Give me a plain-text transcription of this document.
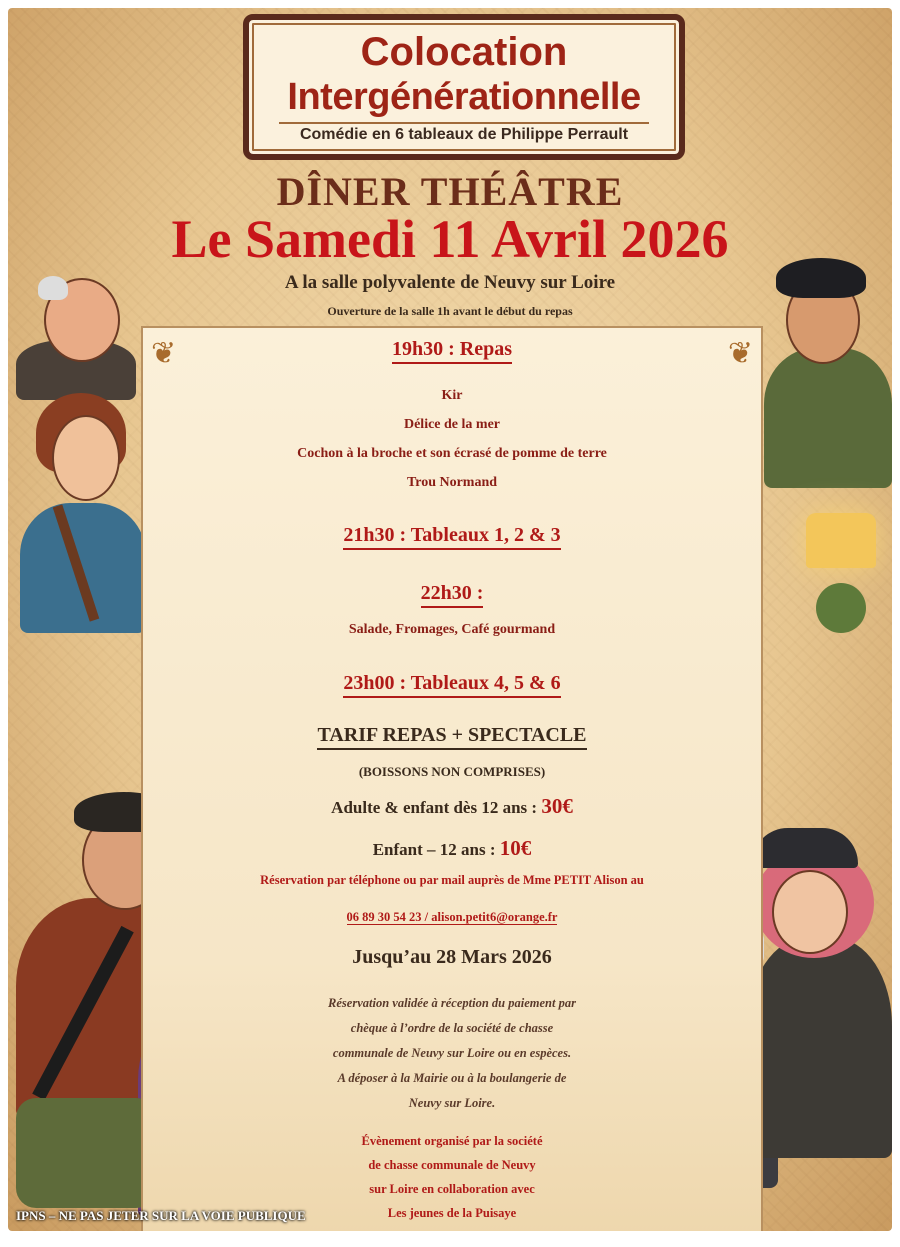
Colocation
Intergénérationnelle
Comédie en 6 tableaux de Philippe Perrault
DÎNER THÉÂTRE
Le Samedi 11 Avril 2026
A la salle polyvalente de Neuvy sur Loire
Ouverture de la salle 1h avant le début du repas
❦	❦
19h30 : Repas
Kir
Délice de la mer
Cochon à la broche et son écrasé de pomme de terre
Trou Normand
21h30 : Tableaux 1, 2 & 3
22h30 :
Salade, Fromages, Café gourmand
23h00 : Tableaux 4, 5 & 6
TARIF REPAS + SPECTACLE
(BOISSONS NON COMPRISES)
Adulte & enfant dès 12 ans : 30€
Enfant – 12 ans : 10€
Réservation par téléphone ou par mail auprès de Mme PETIT Alison au
06 89 30 54 23 / alison.petit6@orange.fr
Jusqu’au 28 Mars 2026
Réservation validée à réception du paiement par
chèque à l’ordre de la société de chasse
communale de Neuvy sur Loire ou en espèces.
A déposer à la Mairie ou à la boulangerie de
Neuvy sur Loire.
Évènement organisé par la société
de chasse communale de Neuvy
sur Loire en collaboration avec
Les jeunes de la Puisaye
IPNS – NE PAS JETER SUR LA VOIE PUBLIQUE
